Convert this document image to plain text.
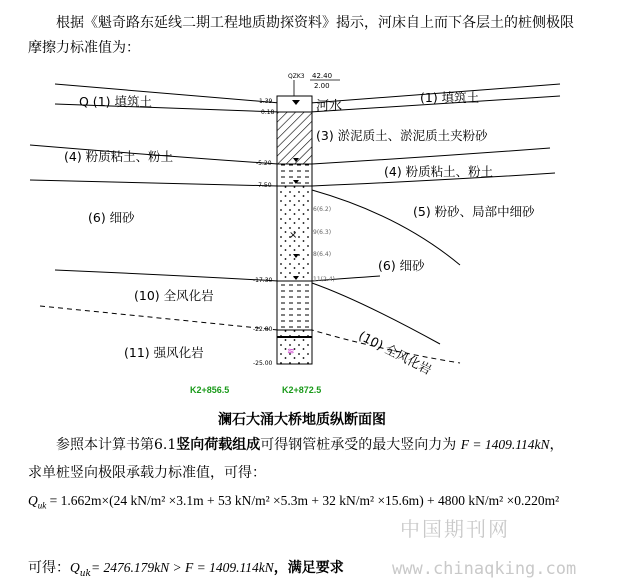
根据《魁奇路东延线二期工程地质勘探资料》揭示，河床自上而下各层土的桩侧极限
摩擦力标准值为：
×
≋
Q (1) 填筑土	(1) 填筑土
河水
(3) 淤泥质土、淤泥质土夹粉砂
(4) 粉质粘土、粉土
(4) 粉质粘土、粉土
(6) 细砂	(5) 粉砂、局部中细砂
(6) 细砂
(10) 全风化岩
(10) 全风化岩
(11) 强风化岩
QZK3 42.40
2.00
1.39
0.18
-5.20
-7.50
-17.30
-22.80
-25.00
6(6.2)
9(6.3)
8(6.4)
11(2.4)
K2+856.5	K2+872.5
澜石大涌大桥地质纵断面图
参照本计算书第6.1竖向荷载组成可得钢管桩承受的最大竖向力为 F = 1409.114kN，
求单桩竖向极限承载力标准值，可得：
$Q_{uk} = 1.662m\times(24$ kN/m² ×3.1m + 53 kN/m² ×5.3m + 32 kN/m² ×15.6m) + 4800 kN/m² ×0.220m²
中国期刊网
可得：$Q_{uk}= 2476.179kN > F = 1409.114kN$，满足要求	www.chinaqking.com
